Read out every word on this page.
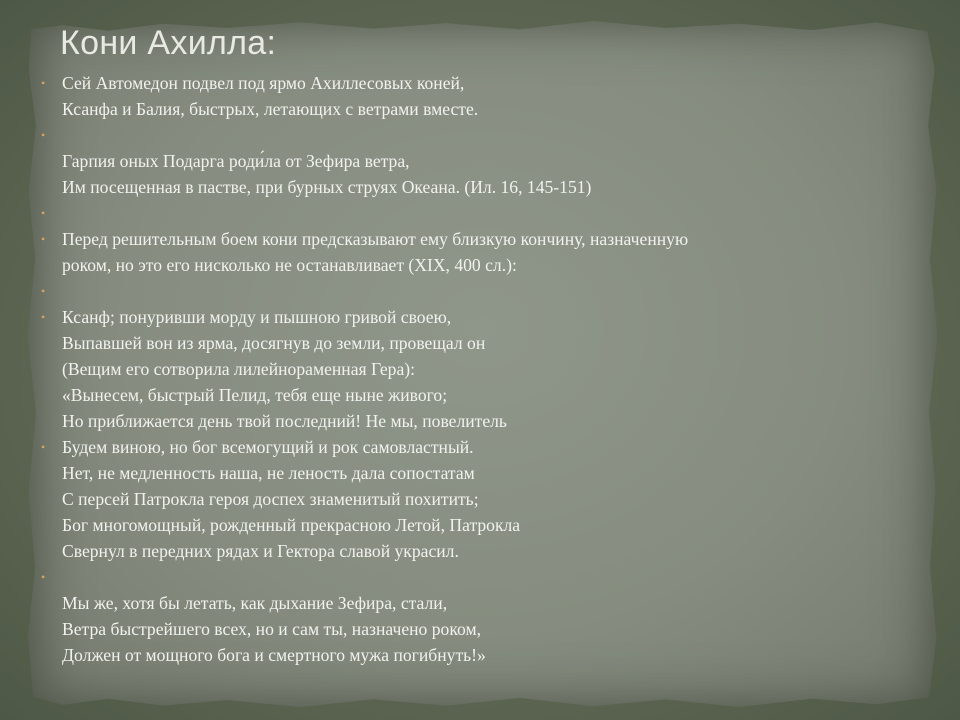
Кони Ахилла:
• Сей Автомедон подвел под ярмо Ахиллесовых коней,
Ксанфа и Балия, быстрых, летающих с ветрами вместе.
•
Гарпия оных Подарга роди́ла от Зефира ветра,
Им посещенная в пастве, при бурных струях Океана. (Ил. 16, 145-151)
•
• Перед решительным боем кони предсказывают ему близкую кончину, назначенную
роком, но это его нисколько не останавливает (XIX, 400 сл.):
•
• Ксанф; понуривши морду и пышною гривой своею,
Выпавшей вон из ярма, досягнув до земли, провещал он
(Вещим его сотворила лилейнораменная Гера):
«Вынесем, быстрый Пелид, тебя еще ныне живого;
Но приближается день твой последний! Не мы, повелитель
• Будем виною, но бог всемогущий и рок самовластный.
Нет, не медленность наша, не леность дала сопостатам
С персей Патрокла героя доспех знаменитый похитить;
Бог многомощный, рожденный прекрасною Летой, Патрокла
Свернул в передних рядах и Гектора славой украсил.
•
Мы же, хотя бы летать, как дыхание Зефира, стали,
Ветра быстрейшего всех, но и сам ты, назначено роком,
Должен от мощного бога и смертного мужа погибнуть!»
